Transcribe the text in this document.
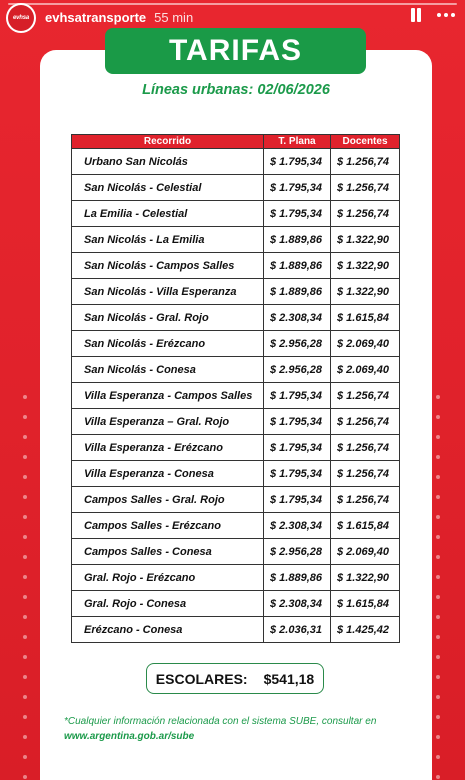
evhsa	evhsatransporte 55 min
TARIFAS
Líneas urbanas: 02/06/2026
Recorrido	T. Plana	Docentes
Urbano San Nicolás	$ 1.795,34	$ 1.256,74
San Nicolás - Celestial	$ 1.795,34	$ 1.256,74
La Emilia - Celestial	$ 1.795,34	$ 1.256,74
San Nicolás - La Emilia	$ 1.889,86	$ 1.322,90
San Nicolás - Campos Salles	$ 1.889,86	$ 1.322,90
San Nicolás - Villa Esperanza	$ 1.889,86	$ 1.322,90
San Nicolás - Gral. Rojo	$ 2.308,34	$ 1.615,84
San Nicolás - Erézcano	$ 2.956,28	$ 2.069,40
San Nicolás - Conesa	$ 2.956,28	$ 2.069,40
Villa Esperanza - Campos Salles	$ 1.795,34	$ 1.256,74
Villa Esperanza – Gral. Rojo	$ 1.795,34	$ 1.256,74
Villa Esperanza - Erézcano	$ 1.795,34	$ 1.256,74
Villa Esperanza - Conesa	$ 1.795,34	$ 1.256,74
Campos Salles - Gral. Rojo	$ 1.795,34	$ 1.256,74
Campos Salles - Erézcano	$ 2.308,34	$ 1.615,84
Campos Salles - Conesa	$ 2.956,28	$ 2.069,40
Gral. Rojo - Erézcano	$ 1.889,86	$ 1.322,90
Gral. Rojo - Conesa	$ 2.308,34	$ 1.615,84
Erézcano - Conesa	$ 2.036,31	$ 1.425,42
ESCOLARES: $541,18
*Cualquier información relacionada con el sistema SUBE, consultar en
www.argentina.gob.ar/sube
